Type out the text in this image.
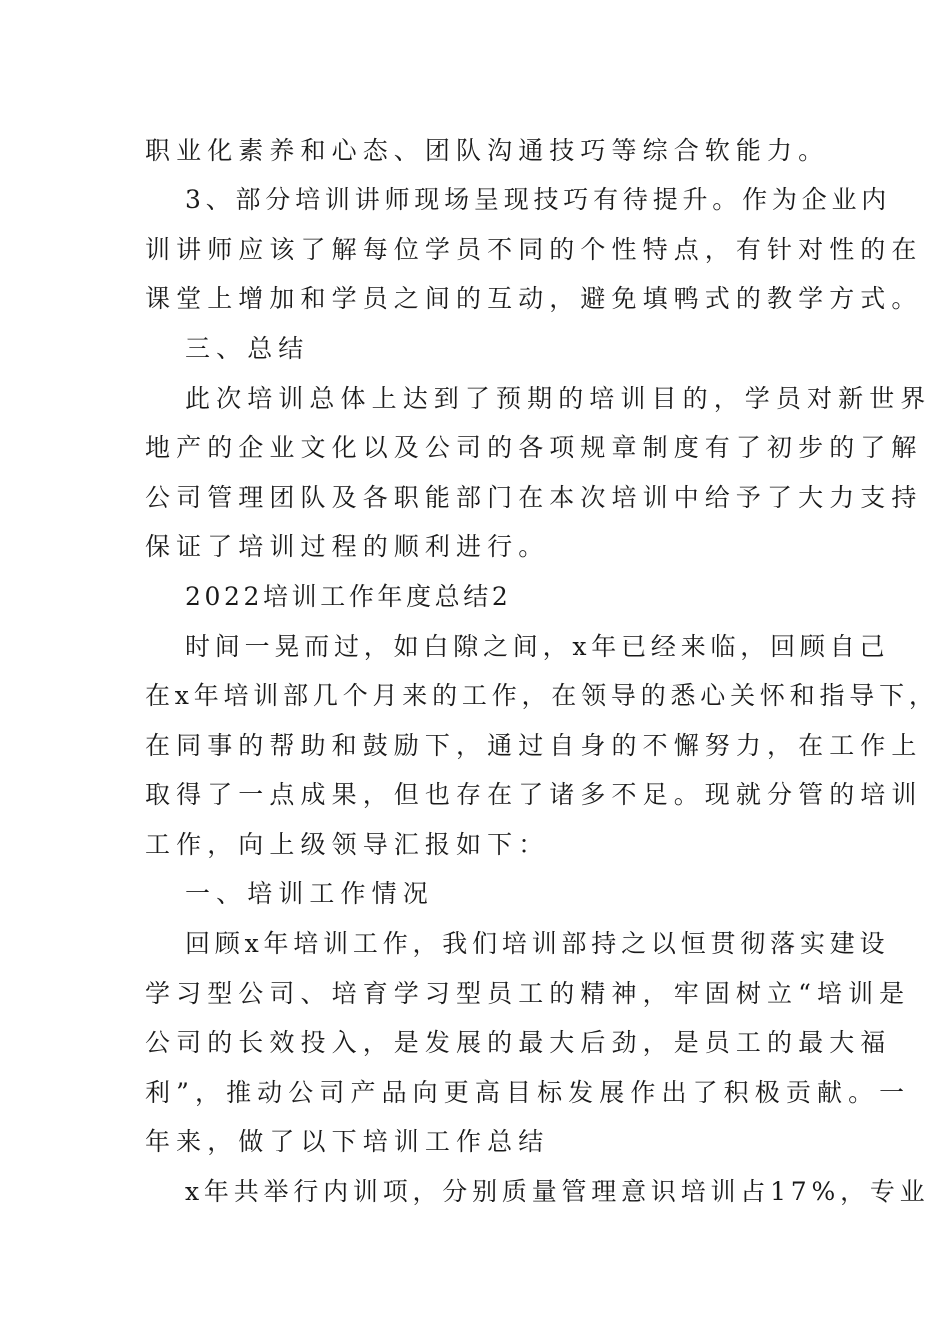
职业化素养和心态、团队沟通技巧等综合软能力。
3、部分培训讲师现场呈现技巧有待提升。作为企业内
训讲师应该了解每位学员不同的个性特点，有针对性的在
课堂上增加和学员之间的互动，避免填鸭式的教学方式。
三、总结
此次培训总体上达到了预期的培训目的，学员对新世界
地产的企业文化以及公司的各项规章制度有了初步的了解
公司管理团队及各职能部门在本次培训中给予了大力支持
保证了培训过程的顺利进行。
2022培训工作年度总结2
时间一晃而过，如白隙之间，x年已经来临，回顾自己
在x年培训部几个月来的工作，在领导的悉心关怀和指导下，
在同事的帮助和鼓励下，通过自身的不懈努力，在工作上
取得了一点成果，但也存在了诸多不足。现就分管的培训
工作，向上级领导汇报如下：
一、培训工作情况
回顾x年培训工作，我们培训部持之以恒贯彻落实建设
学习型公司、培育学习型员工的精神，牢固树立“培训是
公司的长效投入，是发展的最大后劲，是员工的最大福
利”，推动公司产品向更高目标发展作出了积极贡献。一
年来，做了以下培训工作总结
x年共举行内训项，分别质量管理意识培训占17%，专业
